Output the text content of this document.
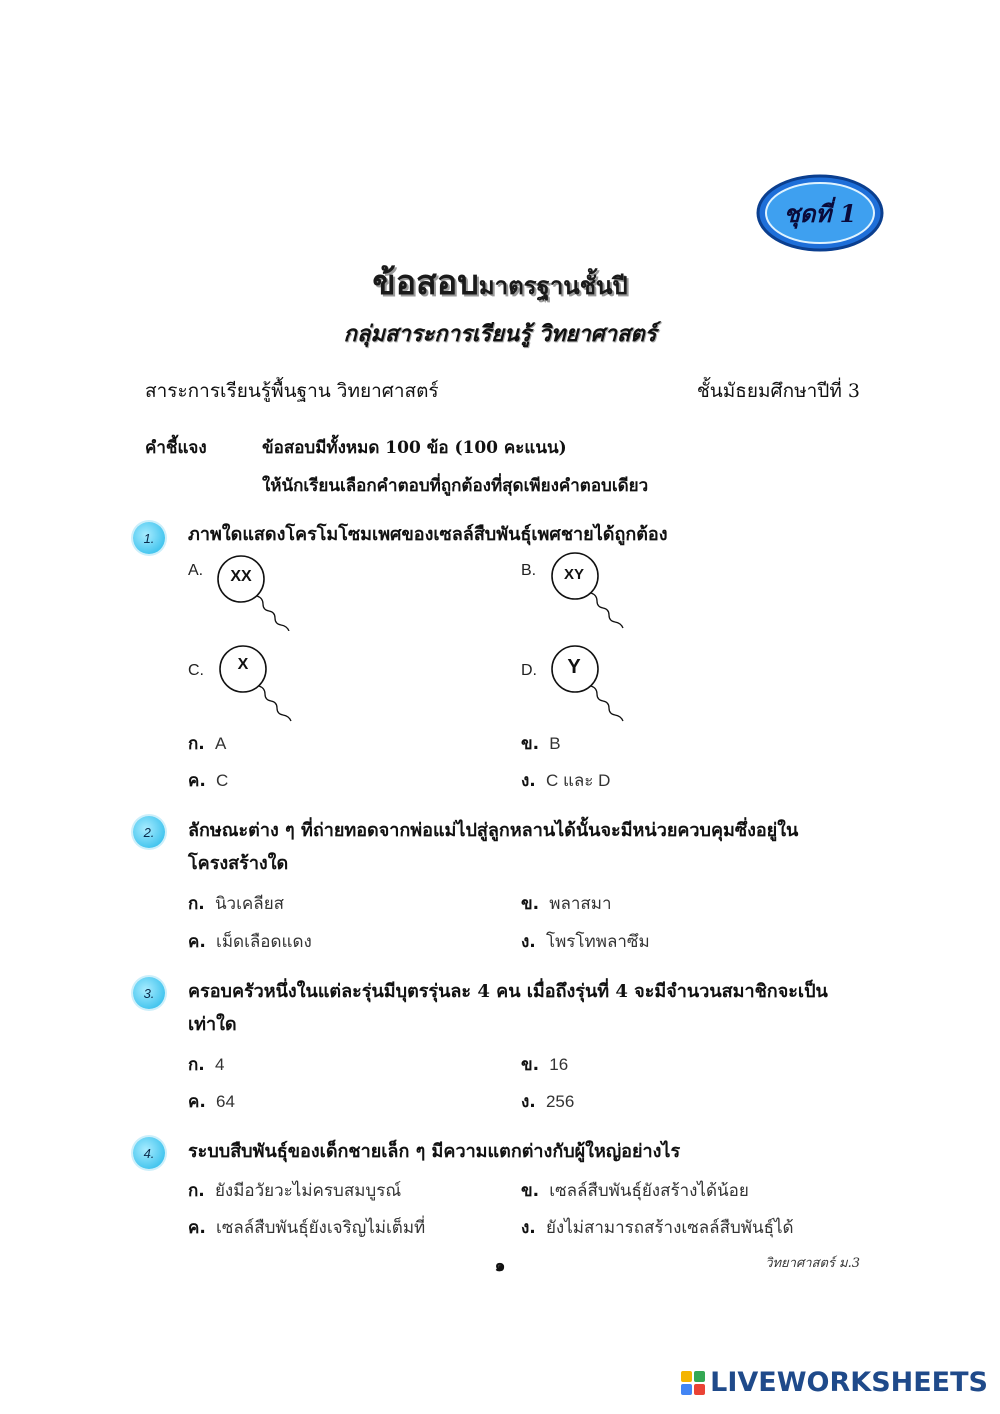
ชุดที่ 1
ข้อสอบมาตรฐานชั้นปี
กลุ่มสาระการเรียนรู้ วิทยาศาสตร์
สาระการเรียนรู้พื้นฐาน วิทยาศาสตร์	ชั้นมัธยมศึกษาปีที่ 3
คำชี้แจง	ข้อสอบมีทั้งหมด 100 ข้อ (100 คะแนน)
ให้นักเรียนเลือกคำตอบที่ถูกต้องที่สุดเพียงคำตอบเดียว
1. ภาพใดแสดงโครโมโซมเพศของเซลล์สืบพันธุ์เพศชายได้ถูกต้อง
A. XX	B. XY
C.	X	D.	Y
ก. A	ข. B
ค. C	ง. C และ D
2. ลักษณะต่าง ๆ ที่ถ่ายทอดจากพ่อแม่ไปสู่ลูกหลานได้นั้นจะมีหน่วยควบคุมซึ่งอยู่ใน
โครงสร้างใด
ก. นิวเคลียส	ข. พลาสมา
ค. เม็ดเลือดแดง	ง. โพรโทพลาซึม
3. ครอบครัวหนึ่งในแต่ละรุ่นมีบุตรรุ่นละ 4 คน เมื่อถึงรุ่นที่ 4 จะมีจำนวนสมาชิกจะเป็น
เท่าใด
ก. 4	ข. 16
ค. 64	ง. 256
4. ระบบสืบพันธุ์ของเด็กชายเล็ก ๆ มีความแตกต่างกับผู้ใหญ่อย่างไร
ก. ยังมีอวัยวะไม่ครบสมบูรณ์	ข. เซลล์สืบพันธุ์ยังสร้างได้น้อย
ค. เซลล์สืบพันธุ์ยังเจริญไม่เต็มที่	ง. ยังไม่สามารถสร้างเซลล์สืบพันธุ์ได้
๑	วิทยาศาสตร์ ม.3
LIVEWORKSHEETS
